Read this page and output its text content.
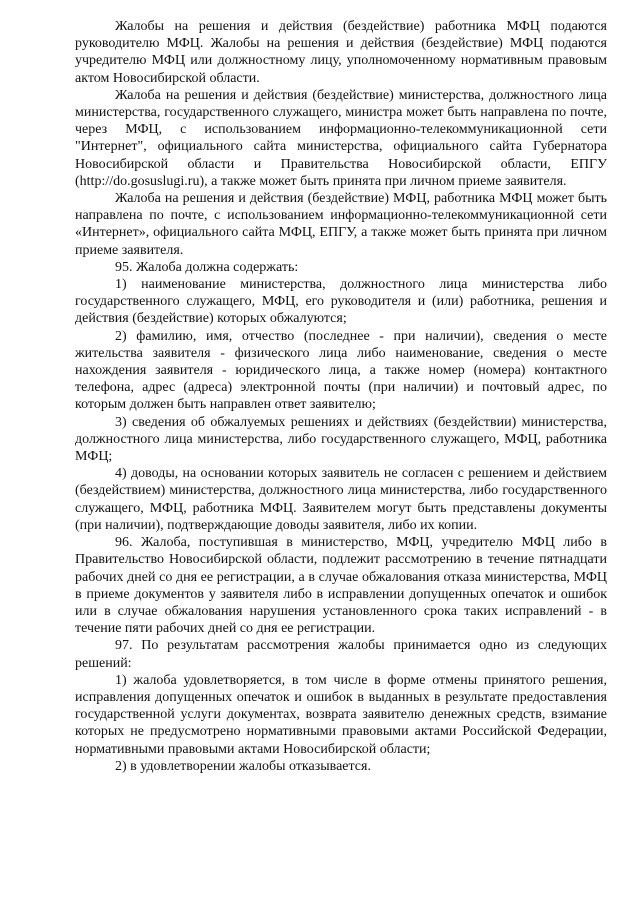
Жалобы на решения и действия (бездействие) работника МФЦ подаются руководителю МФЦ. Жалобы на решения и действия (бездействие) МФЦ подаются учредителю МФЦ или должностному лицу, уполномоченному нормативным правовым актом Новосибирской области.

Жалоба на решения и действия (бездействие) министерства, должностного лица министерства, государственного служащего, министра может быть направлена по почте, через МФЦ, с использованием информационно-телекоммуникационной сети "Интернет", официального сайта министерства, официального сайта Губернатора Новосибирской области и Правительства Новосибирской области, ЕПГУ (http://do.gosuslugi.ru), а также может быть принята при личном приеме заявителя.

Жалоба на решения и действия (бездействие) МФЦ, работника МФЦ может быть направлена по почте, с использованием информационно-телекоммуникационной сети «Интернет», официального сайта МФЦ, ЕПГУ, а также может быть принята при личном приеме заявителя.

95. Жалоба должна содержать:

1) наименование министерства, должностного лица министерства либо государственного служащего, МФЦ, его руководителя и (или) работника, решения и действия (бездействие) которых обжалуются;

2) фамилию, имя, отчество (последнее - при наличии), сведения о месте жительства заявителя - физического лица либо наименование, сведения о месте нахождения заявителя - юридического лица, а также номер (номера) контактного телефона, адрес (адреса) электронной почты (при наличии) и почтовый адрес, по которым должен быть направлен ответ заявителю;

3) сведения об обжалуемых решениях и действиях (бездействии) министерства, должностного лица министерства, либо государственного служащего, МФЦ, работника МФЦ;

4) доводы, на основании которых заявитель не согласен с решением и действием (бездействием) министерства, должностного лица министерства, либо государственного служащего, МФЦ, работника МФЦ. Заявителем могут быть представлены документы (при наличии), подтверждающие доводы заявителя, либо их копии.

96. Жалоба, поступившая в министерство, МФЦ, учредителю МФЦ либо в Правительство Новосибирской области, подлежит рассмотрению в течение пятнадцати рабочих дней со дня ее регистрации, а в случае обжалования отказа министерства, МФЦ в приеме документов у заявителя либо в исправлении допущенных опечаток и ошибок или в случае обжалования нарушения установленного срока таких исправлений - в течение пяти рабочих дней со дня ее регистрации.

97. По результатам рассмотрения жалобы принимается одно из следующих решений:

1) жалоба удовлетворяется, в том числе в форме отмены принятого решения, исправления допущенных опечаток и ошибок в выданных в результате предоставления государственной услуги документах, возврата заявителю денежных средств, взимание которых не предусмотрено нормативными правовыми актами Российской Федерации, нормативными правовыми актами Новосибирской области;

2) в удовлетворении жалобы отказывается.
